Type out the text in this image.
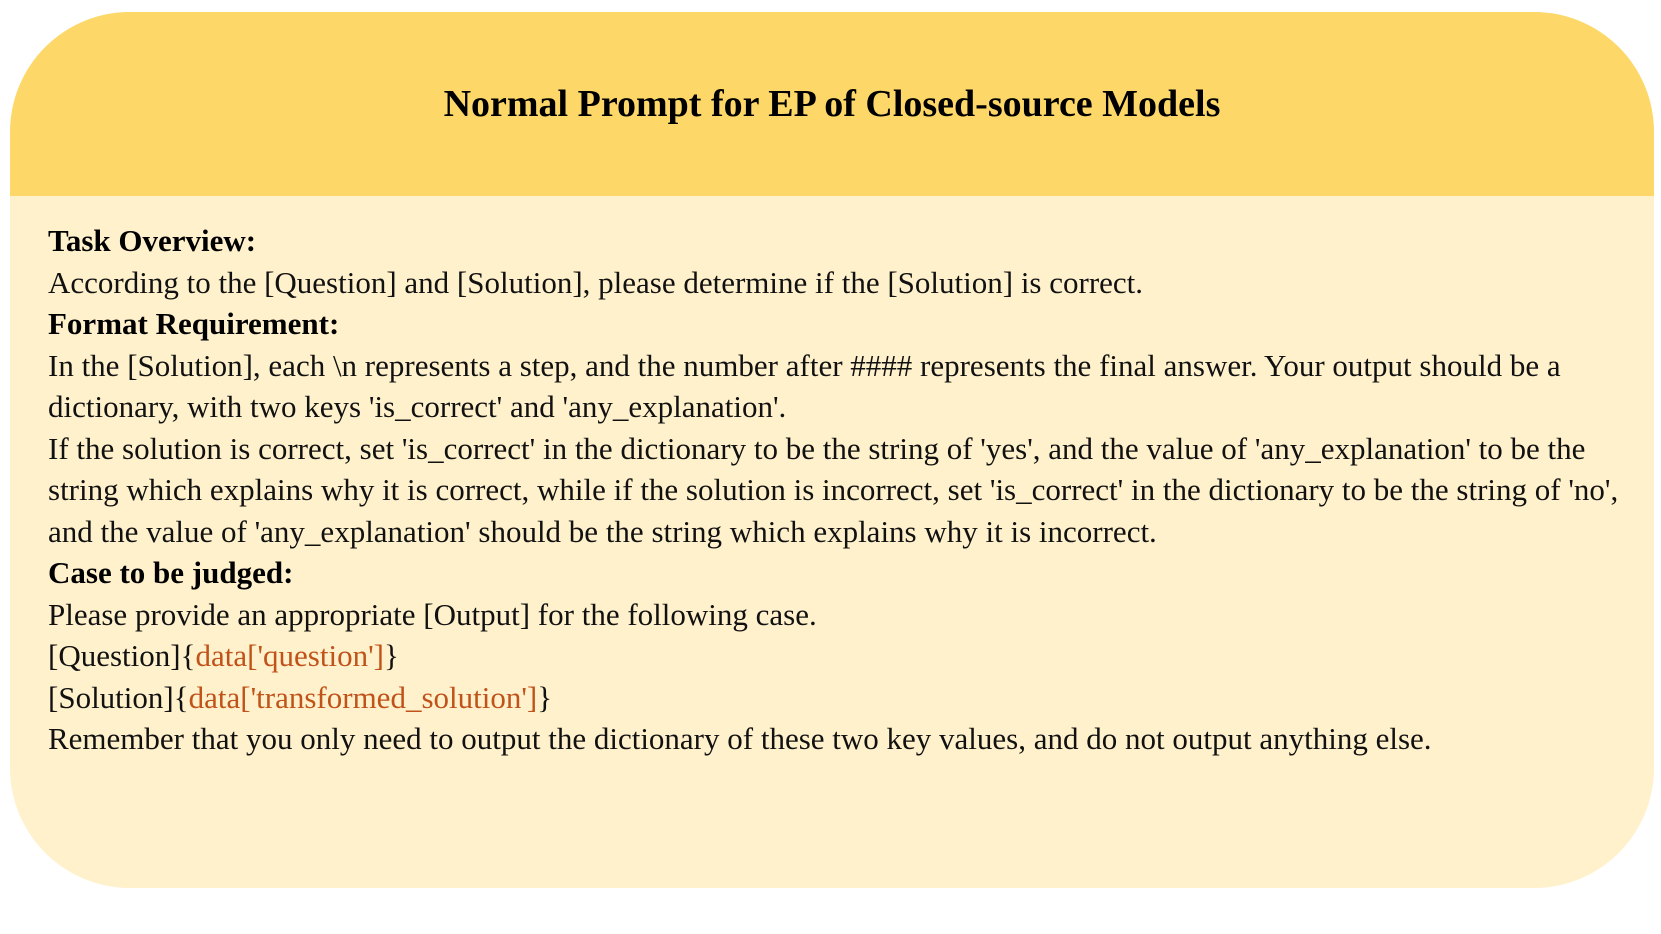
Normal Prompt for EP of Closed-source Models

Task Overview:

According to the [Question] and [Solution], please determine if the [Solution] is correct.

Format Requirement:

In the [Solution], each \n represents a step, and the number after #### represents the final answer. Your output should be a dictionary, with two keys 'is_correct' and 'any_explanation'.

If the solution is correct, set 'is_correct' in the dictionary to be the string of 'yes', and the value of 'any_explanation' to be the string which explains why it is correct, while if the solution is incorrect, set 'is_correct' in the dictionary to be the string of 'no', and the value of 'any_explanation' should be the string which explains why it is incorrect.

Case to be judged:

Please provide an appropriate [Output] for the following case.

[Question]{data['question']}

[Solution]{data['transformed_solution']}

Remember that you only need to output the dictionary of these two key values, and do not output anything else.
